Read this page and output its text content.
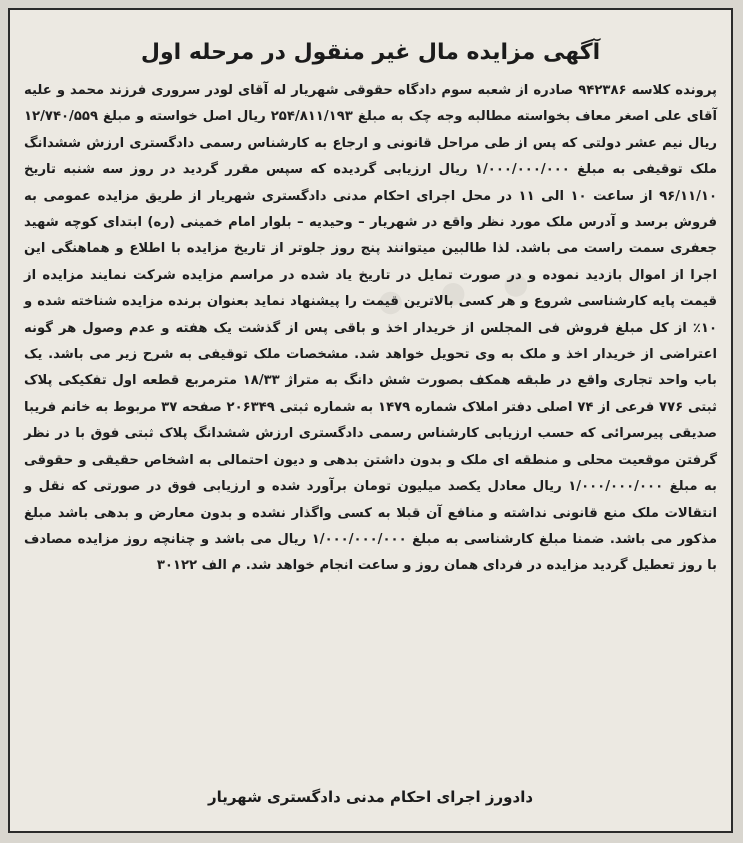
آگهی مزایده مال غیر منقول در مرحله اول
• • •
پرونده کلاسه ۹۴۲۳۸۶ صادره از شعبه سوم دادگاه حقوقی شهریار له آقای لودر سروری فرزند محمد و علیه آقای علی اصغر معاف بخواسته مطالبه وجه چک به مبلغ ۲۵۴/۸۱۱/۱۹۳ ریال اصل خواسته و مبلغ ۱۲/۷۴۰/۵۵۹ ریال نیم عشر دولتی که پس از طی مراحل قانونی و ارجاع به کارشناس رسمی دادگستری ارزش ششدانگ ملک توقیفی به مبلغ ۱/۰۰۰/۰۰۰/۰۰۰ ریال ارزیابی گردیده که سپس مقرر گردید در روز سه شنبه تاریخ ۹۶/۱۱/۱۰ از ساعت ۱۰ الی ۱۱ در محل اجرای احکام مدنی دادگستری شهریار از طریق مزایده عمومی به فروش برسد و آدرس ملک مورد نظر واقع در شهریار – وحیدیه – بلوار امام خمینی (ره) ابتدای کوچه شهید جعفری سمت راست می باشد. لذا طالبین میتوانند پنج روز جلوتر از تاریخ مزایده با اطلاع و هماهنگی این اجرا از اموال بازدید نموده و در صورت تمایل در تاریخ یاد شده در مراسم مزایده شرکت نمایند مزایده از قیمت پایه کارشناسی شروع و هر کسی بالاترین قیمت را پیشنهاد نماید بعنوان برنده مزایده شناخته شده و ۱۰٪ از کل مبلغ فروش فی المجلس از خریدار اخذ و باقی پس از گذشت یک هفته و عدم وصول هر گونه اعتراضی از خریدار اخذ و ملک به وی تحویل خواهد شد. مشخصات ملک توقیفی به شرح زیر می باشد. یک باب واحد تجاری واقع در طبقه همکف بصورت شش دانگ به متراژ ۱۸/۳۳ مترمربع قطعه اول تفکیکی پلاک ثبتی ۷۷۶ فرعی از ۷۴ اصلی دفتر املاک شماره ۱۴۷۹ به شماره ثبتی ۲۰۶۳۴۹ صفحه ۳۷ مربوط به خانم فریبا صدیقی پیرسرائی که حسب ارزیابی کارشناس رسمی دادگستری ارزش ششدانگ پلاک ثبتی فوق با در نظر گرفتن موقعیت محلی و منطقه ای ملک و بدون داشتن بدهی و دیون احتمالی به اشخاص حقیقی و حقوقی به مبلغ ۱/۰۰۰/۰۰۰/۰۰۰ ریال معادل یکصد میلیون تومان برآورد شده و ارزیابی فوق در صورتی که نقل و انتقالات ملک منع قانونی نداشته و منافع آن قبلا به کسی واگذار نشده و بدون معارض و بدهی باشد مبلغ مذکور می باشد. ضمنا مبلغ کارشناسی به مبلغ ۱/۰۰۰/۰۰۰/۰۰۰ ریال می باشد و چنانچه روز مزایده مصادف با روز تعطیل گردید مزایده در فردای همان روز و ساعت انجام خواهد شد. م الف ۳۰۱۲۲
دادورز اجرای احکام مدنی دادگستری شهریار
